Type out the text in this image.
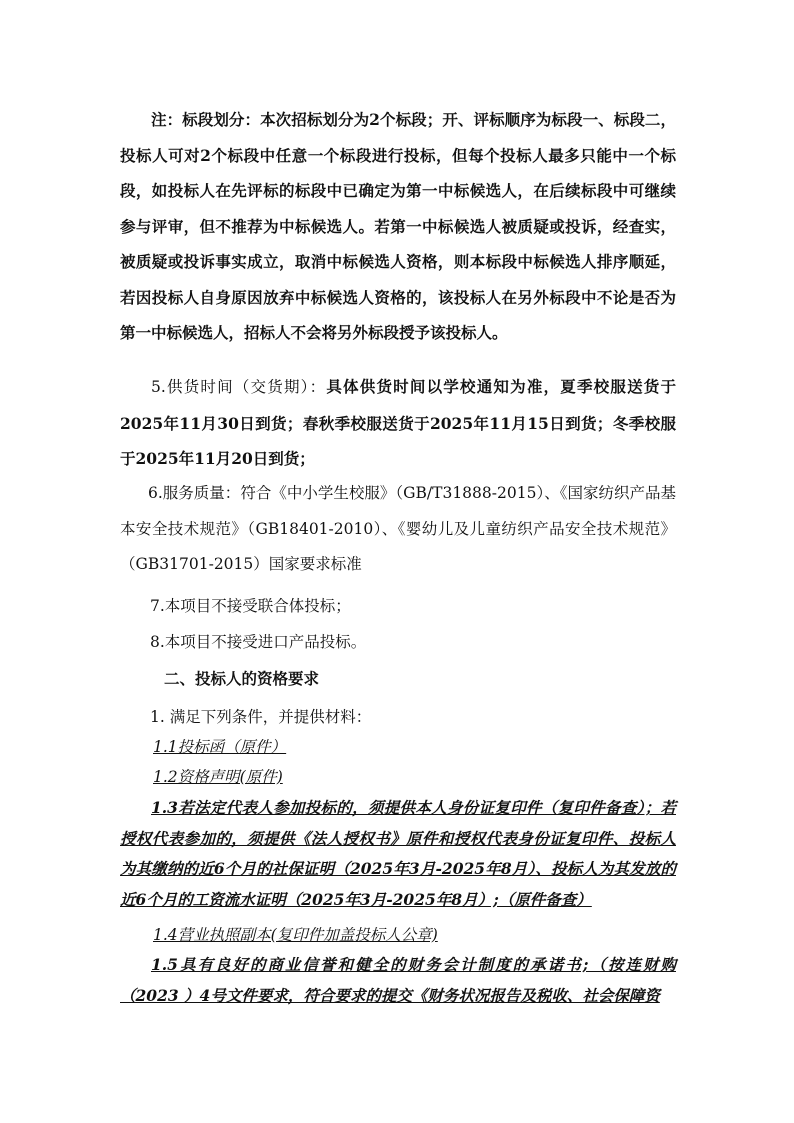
注：标段划分：本次招标划分为2个标段；开、评标顺序为标段一、标段二，投标人可对2个标段中任意一个标段进行投标，但每个投标人最多只能中一个标段，如投标人在先评标的标段中已确定为第一中标候选人，在后续标段中可继续参与评审，但不推荐为中标候选人。若第一中标候选人被质疑或投诉，经查实，被质疑或投诉事实成立，取消中标候选人资格，则本标段中标候选人排序顺延，若因投标人自身原因放弃中标候选人资格的，该投标人在另外标段中不论是否为第一中标候选人，招标人不会将另外标段授予该投标人。

5.供货时间（交货期）：具体供货时间以学校通知为准，夏季校服送货于2025年11月30日到货；春秋季校服送货于2025年11月15日到货；冬季校服于2025年11月20日到货；

6.服务质量：符合《中小学生校服》（GB/T31888-2015）、《国家纺织产品基本安全技术规范》（GB18401-2010）、《婴幼儿及儿童纺织产品安全技术规范》（GB31701-2015）国家要求标准

7.本项目不接受联合体投标；
8.本项目不接受进口产品投标。
二、投标人的资格要求
1. 满足下列条件，并提供材料：
1.1投标函（原件）
1.2资格声明(原件)

1.3若法定代表人参加投标的，须提供本人身份证复印件（复印件备查）；若授权代表参加的，须提供《法人授权书》原件和授权代表身份证复印件、投标人为其缴纳的近6个月的社保证明（2025年3月-2025年8月）、投标人为其发放的近6个月的工资流水证明（2025年3月-2025年8月）;（原件备查）

1.4营业执照副本(复印件加盖投标人公章)

1.5具有良好的商业信誉和健全的财务会计制度的承诺书;（按连财购（2023 ）4号文件要求，符合要求的提交《财务状况报告及税收、社会保障资
